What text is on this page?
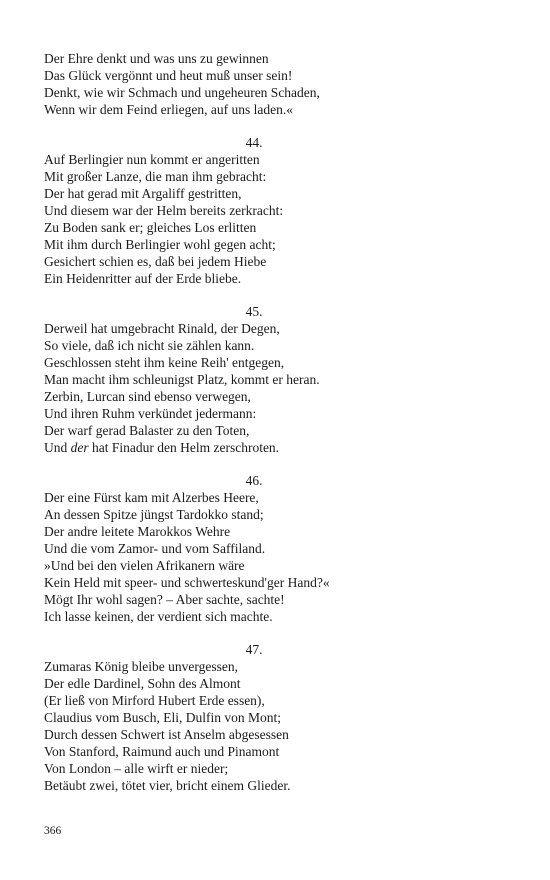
Der Ehre denkt und was uns zu gewinnen
Das Glück vergönnt und heut muß unser sein!
Denkt, wie wir Schmach und ungeheuren Schaden,
Wenn wir dem Feind erliegen, auf uns laden.«
44.
Auf Berlingier nun kommt er angeritten
Mit großer Lanze, die man ihm gebracht:
Der hat gerad mit Argaliff gestritten,
Und diesem war der Helm bereits zerkracht:
Zu Boden sank er; gleiches Los erlitten
Mit ihm durch Berlingier wohl gegen acht;
Gesichert schien es, daß bei jedem Hiebe
Ein Heidenritter auf der Erde bliebe.
45.
Derweil hat umgebracht Rinald, der Degen,
So viele, daß ich nicht sie zählen kann.
Geschlossen steht ihm keine Reih' entgegen,
Man macht ihm schleunigst Platz, kommt er heran.
Zerbin, Lurcan sind ebenso verwegen,
Und ihren Ruhm verkündet jedermann:
Der warf gerad Balaster zu den Toten,
Und der hat Finadur den Helm zerschroten.
46.
Der eine Fürst kam mit Alzerbes Heere,
An dessen Spitze jüngst Tardokko stand;
Der andre leitete Marokkos Wehre
Und die vom Zamor- und vom Saffiland.
»Und bei den vielen Afrikanern wäre
Kein Held mit speer- und schwerteskund'ger Hand?«
Mögt Ihr wohl sagen? – Aber sachte, sachte!
Ich lasse keinen, der verdient sich machte.
47.
Zumaras König bleibe unvergessen,
Der edle Dardinel, Sohn des Almont
(Er ließ von Mirford Hubert Erde essen),
Claudius vom Busch, Eli, Dulfin von Mont;
Durch dessen Schwert ist Anselm abgesessen
Von Stanford, Raimund auch und Pinamont
Von London – alle wirft er nieder;
Betäubt zwei, tötet vier, bricht einem Glieder.
366
